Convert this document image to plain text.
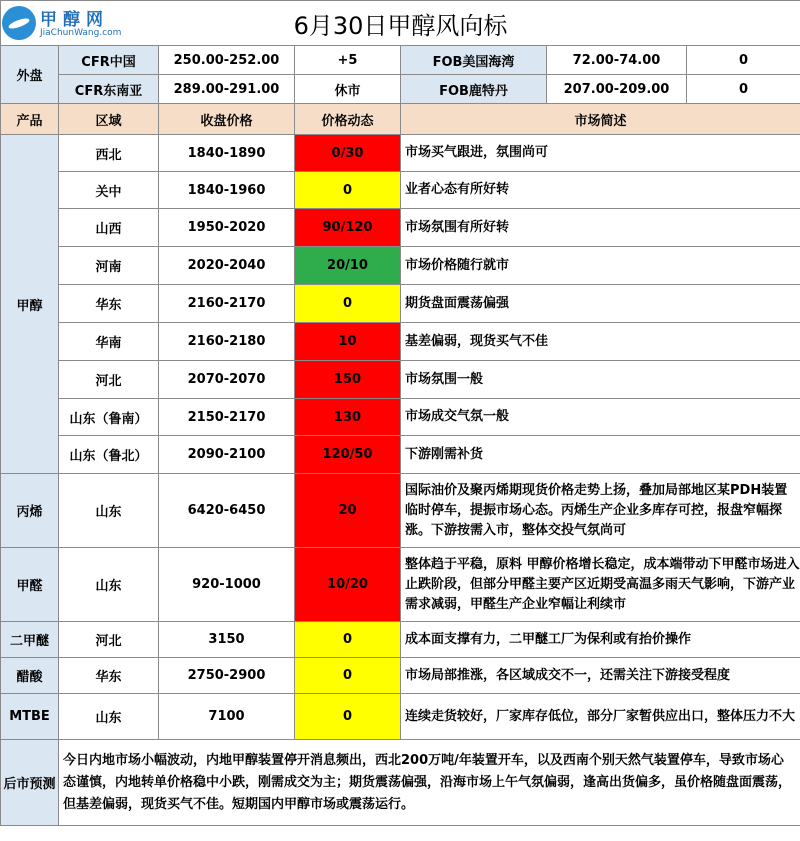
6月30日甲醇风向标						
外盘	CFR中国	250.00-252.00	+5	FOB美国海湾	72.00-74.00	0
	CFR东南亚	289.00-291.00	休市	FOB鹿特丹	207.00-209.00	0
产品	区域	收盘价格	价格动态	市场简述		
甲醇	西北	1840-1890	0/30	市场买气跟进，氛围尚可		
	关中	1840-1960	0	业者心态有所好转		
	山西	1950-2020	90/120	市场氛围有所好转		
	河南	2020-2040	20/10	市场价格随行就市		
	华东	2160-2170	0	期货盘面震荡偏强		
	华南	2160-2180	10	基差偏弱，现货买气不佳		
	河北	2070-2070	150	市场氛围一般		
	山东（鲁南）	2150-2170	130	市场成交气氛一般		
	山东（鲁北）	2090-2100	120/50	下游刚需补货		
丙烯	山东	6420-6450	20	国际油价及聚丙烯期现货价格走势上扬，叠加局部地区某PDH装置临时停车，提振市场心态。丙烯生产企业多库存可控，报盘窄幅探涨。下游按需入市，整体交投气氛尚可		
甲醛	山东	920-1000	10/20	整体趋于平稳，原料 甲醇价格增长稳定，成本端带动下甲醛市场进入止跌阶段，但部分甲醛主要产区近期受高温多雨天气影响，下游产业需求减弱，甲醛生产企业窄幅让利续市		
二甲醚	河北	3150	0	成本面支撑有力，二甲醚工厂为保利或有抬价操作		
醋酸	华东	2750-2900	0	市场局部推涨，各区域成交不一，还需关注下游接受程度		
MTBE	山东	7100	0	连续走货较好，厂家库存低位，部分厂家暂供应出口，整体压力不大		
后市预测	今日内地市场小幅波动，内地甲醇装置停开消息频出，西北200万吨/年装置开车，以及西南个别天然气装置停车，导致市场心态谨慎，内地转单价格稳中小跌，刚需成交为主；期货震荡偏强，沿海市场上午气氛偏弱，逢高出货偏多，虽价格随盘面震荡，但基差偏弱，现货买气不佳。短期国内甲醇市场或震荡运行。					
甲醇网
JiaChunWang.com
